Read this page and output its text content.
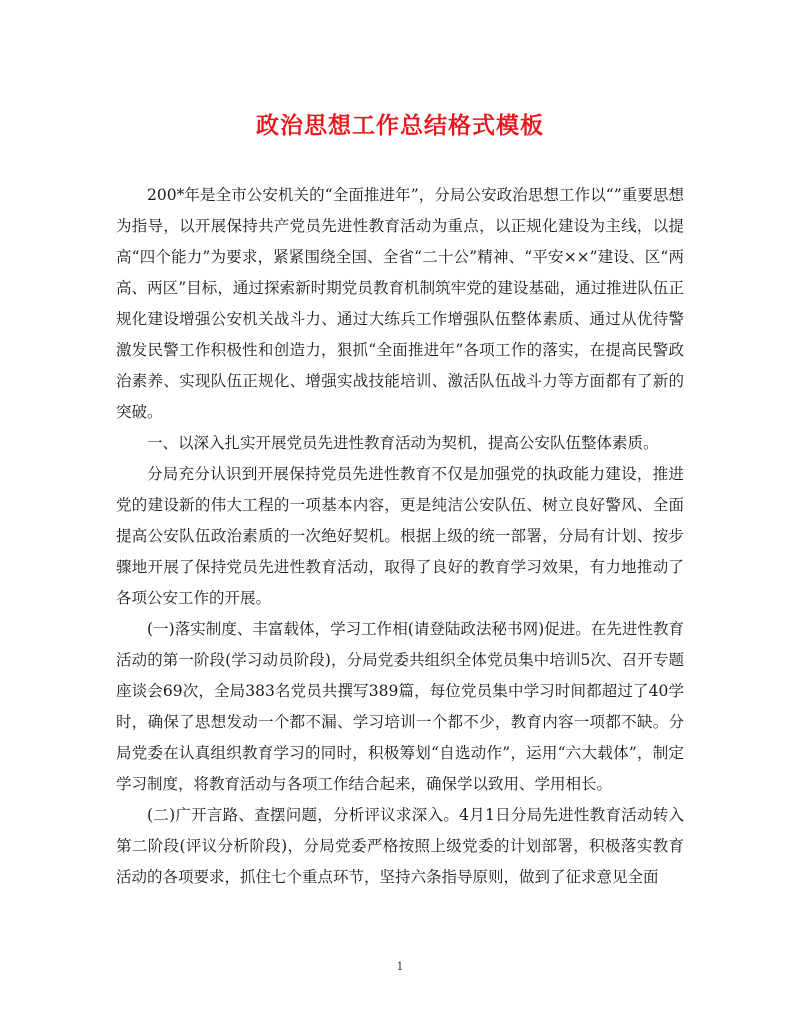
政治思想工作总结格式模板

200*年是全市公安机关的“全面推进年”，分局公安政治思想工作以“”重要思想为指导，以开展保持共产党员先进性教育活动为重点，以正规化建设为主线，以提高“四个能力”为要求，紧紧围绕全国、全省“二十公”精神、“平安××”建设、区“两高、两区”目标，通过探索新时期党员教育机制筑牢党的建设基础，通过推进队伍正规化建设增强公安机关战斗力、通过大练兵工作增强队伍整体素质、通过从优待警激发民警工作积极性和创造力，狠抓“全面推进年”各项工作的落实，在提高民警政治素养、实现队伍正规化、增强实战技能培训、激活队伍战斗力等方面都有了新的突破。

一、以深入扎实开展党员先进性教育活动为契机，提高公安队伍整体素质。

分局充分认识到开展保持党员先进性教育不仅是加强党的执政能力建设，推进党的建设新的伟大工程的一项基本内容，更是纯洁公安队伍、树立良好警风、全面提高公安队伍政治素质的一次绝好契机。根据上级的统一部署，分局有计划、按步骤地开展了保持党员先进性教育活动，取得了良好的教育学习效果，有力地推动了各项公安工作的开展。

(一)落实制度、丰富载体，学习工作相(请登陆政法秘书网)促进。在先进性教育活动的第一阶段(学习动员阶段)，分局党委共组织全体党员集中培训5次、召开专题座谈会69次，全局383名党员共撰写389篇，每位党员集中学习时间都超过了40学时，确保了思想发动一个都不漏、学习培训一个都不少，教育内容一项都不缺。分局党委在认真组织教育学习的同时，积极筹划“自选动作”，运用“六大载体”，制定学习制度，将教育活动与各项工作结合起来，确保学以致用、学用相长。

(二)广开言路、查摆问题，分析评议求深入。4月1日分局先进性教育活动转入第二阶段(评议分析阶段)，分局党委严格按照上级党委的计划部署，积极落实教育活动的各项要求，抓住七个重点环节，坚持六条指导原则，做到了征求意见全面

1
